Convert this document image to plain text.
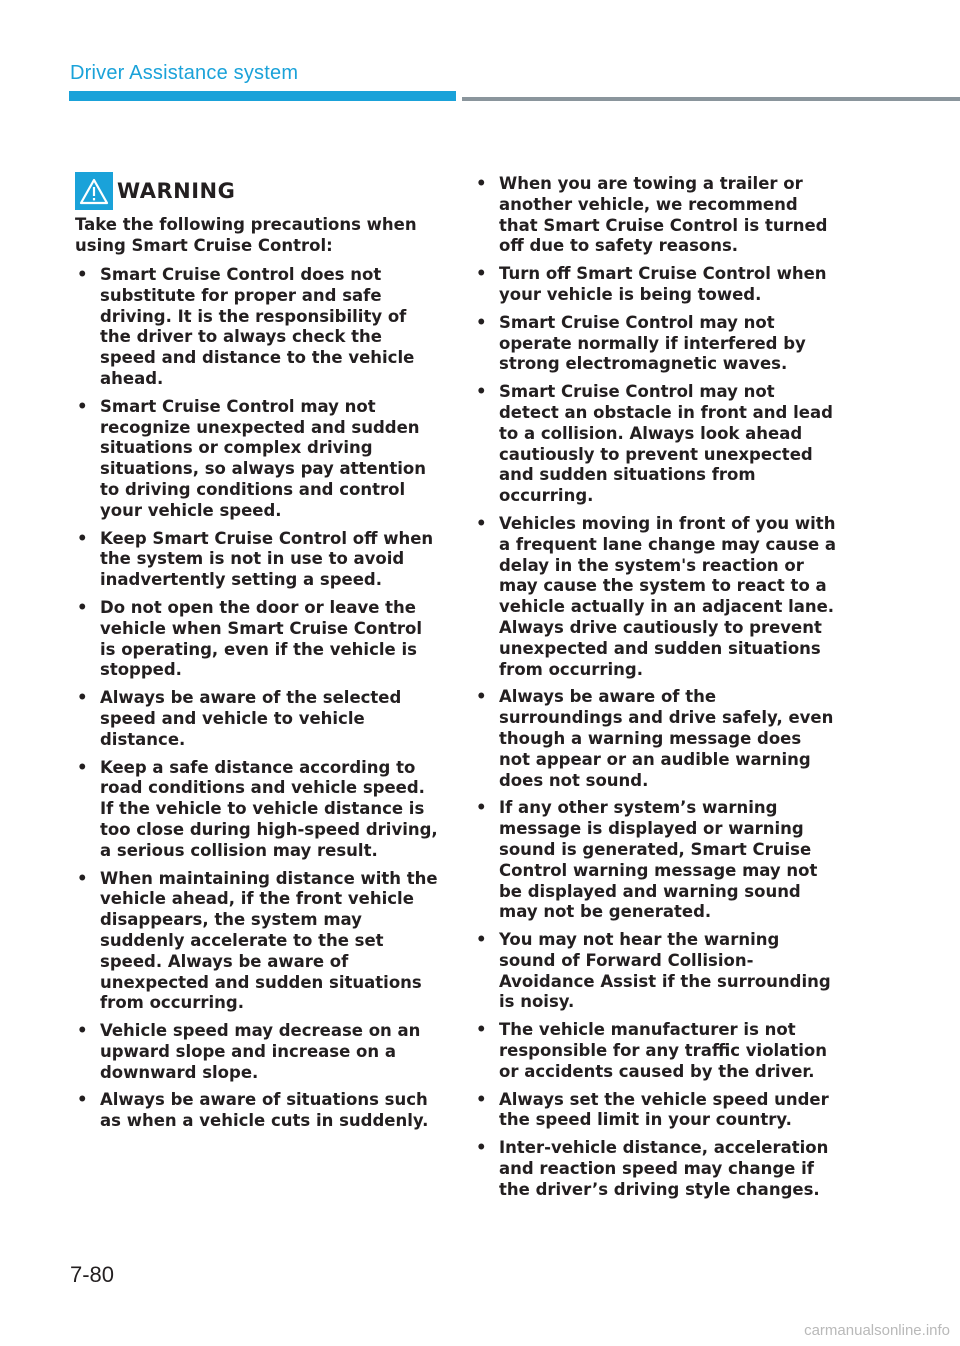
Driver Assistance system
WARNING

Take the following precautions when using Smart Cruise Control:

• Smart Cruise Control does not substitute for proper and safe driving. It is the responsibility of the driver to always check the speed and distance to the vehicle ahead.
• Smart Cruise Control may not recognize unexpected and sudden situations or complex driving situations, so always pay attention to driving conditions and control your vehicle speed.
• Keep Smart Cruise Control off when the system is not in use to avoid inadvertently setting a speed.
• Do not open the door or leave the vehicle when Smart Cruise Control is operating, even if the vehicle is stopped.
• Always be aware of the selected speed and vehicle to vehicle distance.
• Keep a safe distance according to road conditions and vehicle speed. If the vehicle to vehicle distance is too close during high-speed driving, a serious collision may result.
• When maintaining distance with the vehicle ahead, if the front vehicle disappears, the system may suddenly accelerate to the set speed. Always be aware of unexpected and sudden situations from occurring.
• Vehicle speed may decrease on an upward slope and increase on a downward slope.
• Always be aware of situations such as when a vehicle cuts in suddenly.
• When you are towing a trailer or another vehicle, we recommend that Smart Cruise Control is turned off due to safety reasons.
• Turn off Smart Cruise Control when your vehicle is being towed.
• Smart Cruise Control may not operate normally if interfered by strong electromagnetic waves.
• Smart Cruise Control may not detect an obstacle in front and lead to a collision. Always look ahead cautiously to prevent unexpected and sudden situations from occurring.
• Vehicles moving in front of you with a frequent lane change may cause a delay in the system's reaction or may cause the system to react to a vehicle actually in an adjacent lane. Always drive cautiously to prevent unexpected and sudden situations from occurring.
• Always be aware of the surroundings and drive safely, even though a warning message does not appear or an audible warning does not sound.
• If any other system’s warning message is displayed or warning sound is generated, Smart Cruise Control warning message may not be displayed and warning sound may not be generated.
• You may not hear the warning sound of Forward Collision-Avoidance Assist if the surrounding is noisy.
• The vehicle manufacturer is not responsible for any traffic violation or accidents caused by the driver.
• Always set the vehicle speed under the speed limit in your country.
• Inter-vehicle distance, acceleration and reaction speed may change if the driver’s driving style changes.
7-80
carmanualsonline.info
